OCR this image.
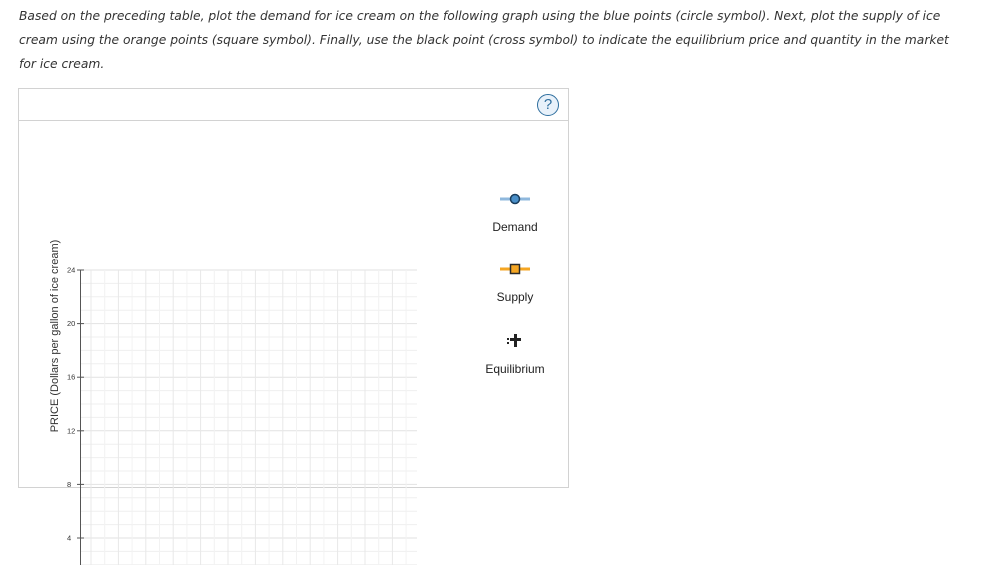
Based on the preceding table, plot the demand for ice cream on the following graph using the blue points (circle symbol). Next, plot the supply of ice
cream using the orange points (square symbol). Finally, use the black point (cross symbol) to indicate the equilibrium price and quantity in the market
for ice cream.
?
PRICE (Dollars per gallon of ice cream) 24
20
16
12
8
4
Demand
Supply
Equilibrium
